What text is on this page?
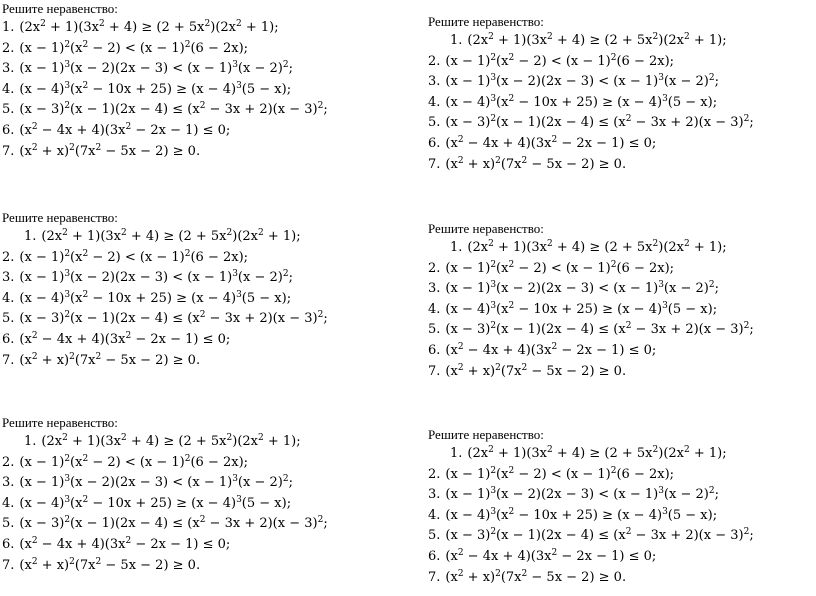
Решите неравенство:
1. $(2x^2 + 1)(3x^2 + 4) \ge (2 + 5x^2)(2x^2 + 1)$;
2. $(x - 1)^2(x^2 - 2) < (x - 1)^2(6 - 2x)$;
3. $(x - 1)^3(x - 2)(2x - 3) < (x - 1)^3(x - 2)^2$;
4. $(x - 4)^3(x^2 - 10x + 25) \ge (x - 4)^3(5 - x)$;
5. $(x - 3)^2(x - 1)(2x - 4) \le (x^2 - 3x + 2)(x - 3)^2$;
6. $(x^2 - 4x + 4)(3x^2 - 2x - 1) \le 0$;
7. $(x^2 + x)^2(7x^2 - 5x - 2) \ge 0$.
Решите неравенство:
1. $(2x^2 + 1)(3x^2 + 4) \ge (2 + 5x^2)(2x^2 + 1)$;
2. $(x - 1)^2(x^2 - 2) < (x - 1)^2(6 - 2x)$;
3. $(x - 1)^3(x - 2)(2x - 3) < (x - 1)^3(x - 2)^2$;
4. $(x - 4)^3(x^2 - 10x + 25) \ge (x - 4)^3(5 - x)$;
5. $(x - 3)^2(x - 1)(2x - 4) \le (x^2 - 3x + 2)(x - 3)^2$;
6. $(x^2 - 4x + 4)(3x^2 - 2x - 1) \le 0$;
7. $(x^2 + x)^2(7x^2 - 5x - 2) \ge 0$.
Решите неравенство:
1. $(2x^2 + 1)(3x^2 + 4) \ge (2 + 5x^2)(2x^2 + 1)$;
2. $(x - 1)^2(x^2 - 2) < (x - 1)^2(6 - 2x)$;
3. $(x - 1)^3(x - 2)(2x - 3) < (x - 1)^3(x - 2)^2$;
4. $(x - 4)^3(x^2 - 10x + 25) \ge (x - 4)^3(5 - x)$;
5. $(x - 3)^2(x - 1)(2x - 4) \le (x^2 - 3x + 2)(x - 3)^2$;
6. $(x^2 - 4x + 4)(3x^2 - 2x - 1) \le 0$;
7. $(x^2 + x)^2(7x^2 - 5x - 2) \ge 0$.
Решите неравенство:
1. $(2x^2 + 1)(3x^2 + 4) \ge (2 + 5x^2)(2x^2 + 1)$;
2. $(x - 1)^2(x^2 - 2) < (x - 1)^2(6 - 2x)$;
3. $(x - 1)^3(x - 2)(2x - 3) < (x - 1)^3(x - 2)^2$;
4. $(x - 4)^3(x^2 - 10x + 25) \ge (x - 4)^3(5 - x)$;
5. $(x - 3)^2(x - 1)(2x - 4) \le (x^2 - 3x + 2)(x - 3)^2$;
6. $(x^2 - 4x + 4)(3x^2 - 2x - 1) \le 0$;
7. $(x^2 + x)^2(7x^2 - 5x - 2) \ge 0$.
Решите неравенство:
1. $(2x^2 + 1)(3x^2 + 4) \ge (2 + 5x^2)(2x^2 + 1)$;
2. $(x - 1)^2(x^2 - 2) < (x - 1)^2(6 - 2x)$;
3. $(x - 1)^3(x - 2)(2x - 3) < (x - 1)^3(x - 2)^2$;
4. $(x - 4)^3(x^2 - 10x + 25) \ge (x - 4)^3(5 - x)$;
5. $(x - 3)^2(x - 1)(2x - 4) \le (x^2 - 3x + 2)(x - 3)^2$;
6. $(x^2 - 4x + 4)(3x^2 - 2x - 1) \le 0$;
7. $(x^2 + x)^2(7x^2 - 5x - 2) \ge 0$.
Решите неравенство:
1. $(2x^2 + 1)(3x^2 + 4) \ge (2 + 5x^2)(2x^2 + 1)$;
2. $(x - 1)^2(x^2 - 2) < (x - 1)^2(6 - 2x)$;
3. $(x - 1)^3(x - 2)(2x - 3) < (x - 1)^3(x - 2)^2$;
4. $(x - 4)^3(x^2 - 10x + 25) \ge (x - 4)^3(5 - x)$;
5. $(x - 3)^2(x - 1)(2x - 4) \le (x^2 - 3x + 2)(x - 3)^2$;
6. $(x^2 - 4x + 4)(3x^2 - 2x - 1) \le 0$;
7. $(x^2 + x)^2(7x^2 - 5x - 2) \ge 0$.
